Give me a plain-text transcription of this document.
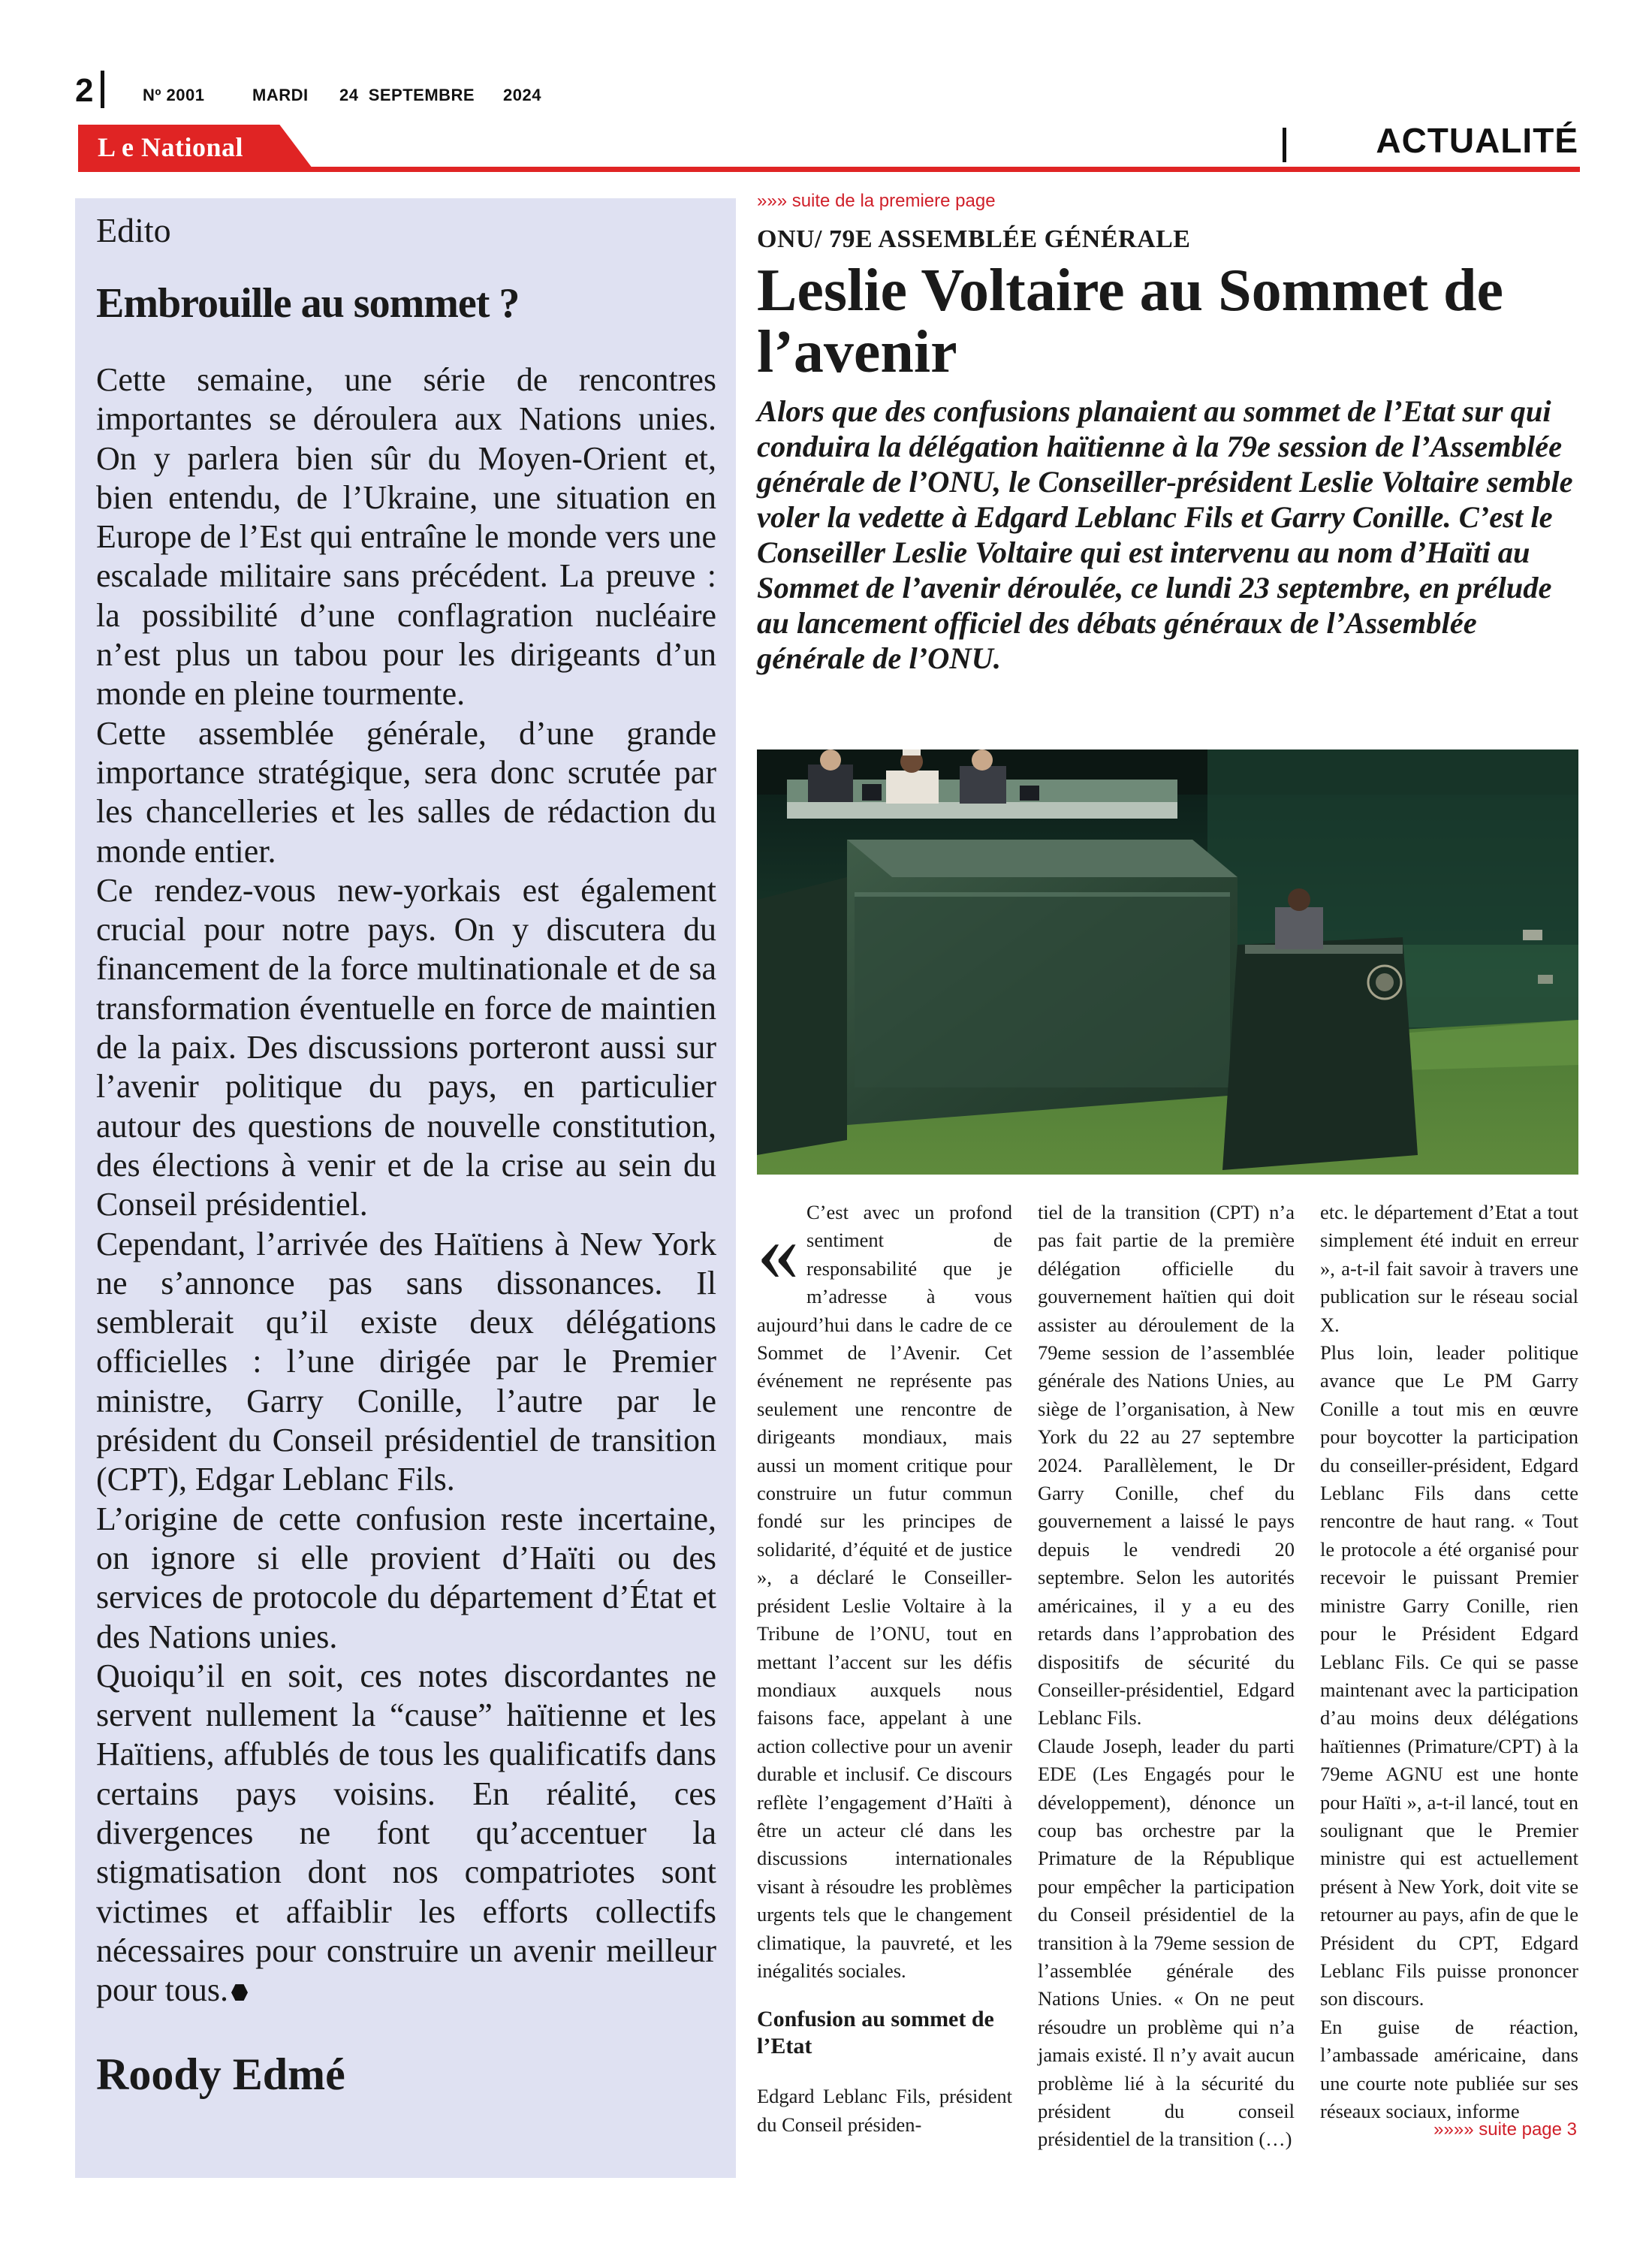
2	Nº 2001	MARDI 24  SEPTEMBRE 2024
L e National	ACTUALITÉ
Edito
Embrouille au sommet ?

Cette semaine, une série de rencontres importantes se déroulera aux Nations unies. On y parlera bien sûr du Moyen-Orient et, bien entendu, de l’Ukraine, une situation en Europe de l’Est qui entraîne le monde vers une escalade militaire sans précédent. La preuve : la possibilité d’une conflagration nucléaire n’est plus un tabou pour les dirigeants d’un monde en pleine tourmente.

Cette assemblée générale, d’une grande importance stratégique, sera donc scrutée par les chancelleries et les salles de rédaction du monde entier.

Ce rendez-vous new-yorkais est également crucial pour notre pays. On y discutera du financement de la force multinationale et de sa transformation éventuelle en force de maintien de la paix. Des discussions porteront aussi sur l’avenir politique du pays, en particulier autour des questions de nouvelle constitution, des élections à venir et de la crise au sein du Conseil présidentiel.

Cependant, l’arrivée des Haïtiens à New York ne s’annonce pas sans dissonances. Il semblerait qu’il existe deux délégations officielles : l’une dirigée par le Premier ministre, Garry Conille, l’autre par le président du Conseil présidentiel de transition (CPT), Edgar Leblanc Fils.

L’origine de cette confusion reste incertaine, on ignore si elle provient d’Haïti ou des services de protocole du département d’État et des Nations unies.

Quoiqu’il en soit, ces notes discordantes ne servent nullement la “cause” haïtienne et les Haïtiens, affublés de tous les qualificatifs dans certains pays voisins. En réalité, ces divergences ne font qu’accentuer la stigmatisation dont nos compatriotes sont victimes et affaiblir les efforts collectifs nécessaires pour construire un avenir meilleur pour tous.

Roody Edmé
»»» suite de la premiere page
ONU/ 79E ASSEMBLÉE GÉNÉRALE
Leslie Voltaire au Sommet de l’avenir
Alors que des confusions planaient au sommet de l’Etat sur qui conduira la délégation haïtienne à la 79e session de l’Assemblée générale de l’ONU, le Conseiller-président Leslie Voltaire semble voler la vedette à Edgard Leblanc Fils et Garry Conille. C’est le Conseiller Leslie Voltaire qui est intervenu au nom d’Haïti au Sommet de l’avenir déroulée, ce lundi 23 septembre, en prélude au lancement officiel des débats généraux de l’Assemblée générale de l’ONU.

« C’est avec un profond sentiment de responsabilité que je m’adresse à vous aujourd’hui dans le cadre de ce Sommet de l’Avenir. Cet événement ne représente pas seulement une rencontre de dirigeants mondiaux, mais aussi un moment critique pour construire un futur commun fondé sur les principes de solidarité, d’équité et de justice », a déclaré le Conseiller-président Leslie Voltaire à la Tribune de l’ONU, tout en mettant l’accent sur les défis mondiaux auxquels nous faisons face, appelant à une action collective pour un avenir durable et inclusif. Ce discours reflète l’engagement d’Haïti à être un acteur clé dans les discussions internationales visant à résoudre les problèmes urgents tels que le changement climatique, la pauvreté, et les inégalités sociales.

Confusion au sommet de l’Etat

Edgard Leblanc Fils, président du Conseil présiden-

tiel de la transition (CPT) n’a pas fait partie de la première délégation officielle du gouvernement haïtien qui doit assister au déroulement de la 79eme session de l’assemblée générale des Nations Unies, au siège de l’organisation, à New York du 22 au 27 septembre 2024. Parallèlement, le Dr Garry Conille, chef du gouvernement a laissé le pays depuis le vendredi 20 septembre. Selon les autorités américaines, il y a eu des retards dans l’approbation des dispositifs de sécurité du Conseiller-présidentiel, Edgard Leblanc Fils.

Claude Joseph, leader du parti EDE (Les Engagés pour le développement), dénonce un coup bas orchestre par la Primature de la République pour empêcher la participation du Conseil présidentiel de la transition à la 79eme session de l’assemblée générale des Nations Unies. « On ne peut résoudre un problème qui n’a jamais existé. Il n’y avait aucun problème lié à la sécurité du président du conseil présidentiel de la transition (…)

etc. le département d’Etat a tout simplement été induit en erreur », a-t-il fait savoir à travers une publication sur le réseau social X.

Plus loin, leader politique avance que Le PM Garry Conille a tout mis en œuvre pour boycotter la participation du conseiller-président, Edgard Leblanc Fils dans cette rencontre de haut rang. « Tout le protocole a été organisé pour recevoir le puissant Premier ministre Garry Conille, rien pour le Président Edgard Leblanc Fils. Ce qui se passe maintenant avec la participation d’au moins deux délégations haïtiennes (Primature/CPT) à la 79eme AGNU est une honte pour Haïti », a-t-il lancé, tout en soulignant que le Premier ministre qui est actuellement présent à New York, doit vite se retourner au pays, afin de que le Président du CPT, Edgard Leblanc Fils puisse prononcer son discours.

En guise de réaction, l’ambassade américaine, dans une courte note publiée sur ses réseaux sociaux, informe

»»»» suite page 3
